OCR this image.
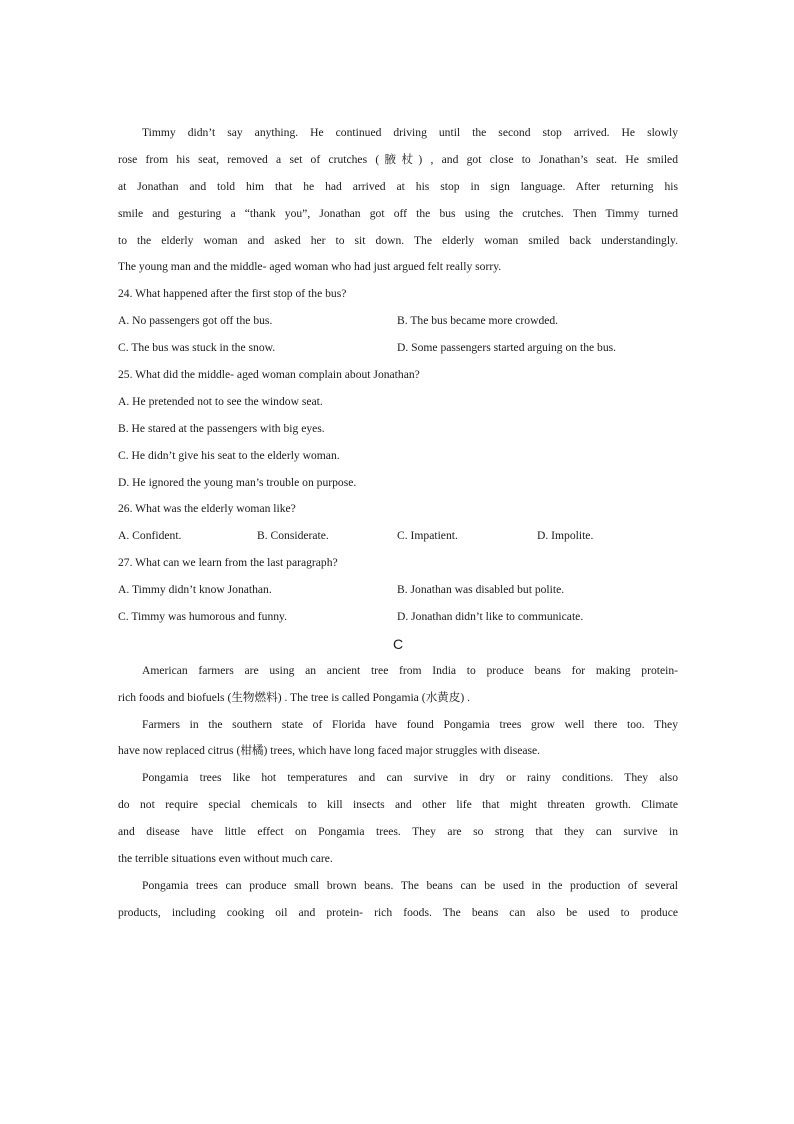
Timmy didn’t say anything. He continued driving until the second stop arrived. He slowly
rose from his seat, removed a set of crutches (腋杖) , and got close to Jonathan’s seat. He smiled
at Jonathan and told him that he had arrived at his stop in sign language. After returning his
smile and gesturing a “thank you”, Jonathan got off the bus using the crutches. Then Timmy turned
to the elderly woman and asked her to sit down. The elderly woman smiled back understandingly.
The young man and the middle- aged woman who had just argued felt really sorry.
24. What happened after the first stop of the bus?
A. No passengers got off the bus.	B. The bus became more crowded.
C. The bus was stuck in the snow.	D. Some passengers started arguing on the bus.
25. What did the middle- aged woman complain about Jonathan?
A. He pretended not to see the window seat.
B. He stared at the passengers with big eyes.
C. He didn’t give his seat to the elderly woman.
D. He ignored the young man’s trouble on purpose.
26. What was the elderly woman like?
A. Confident.	B. Considerate.	C. Impatient.	D. Impolite.
27. What can we learn from the last paragraph?
A. Timmy didn’t know Jonathan.	B. Jonathan was disabled but polite.
C. Timmy was humorous and funny.	D. Jonathan didn’t like to communicate.
C
American farmers are using an ancient tree from India to produce beans for making protein-
rich foods and biofuels (生物燃料) . The tree is called Pongamia (水黄皮) .
Farmers in the southern state of Florida have found Pongamia trees grow well there too. They
have now replaced citrus (柑橘) trees, which have long faced major struggles with disease.
Pongamia trees like hot temperatures and can survive in dry or rainy conditions. They also
do not require special chemicals to kill insects and other life that might threaten growth. Climate
and disease have little effect on Pongamia trees. They are so strong that they can survive in
the terrible situations even without much care.
Pongamia trees can produce small brown beans. The beans can be used in the production of several
products, including cooking oil and protein- rich foods. The beans can also be used to produce
